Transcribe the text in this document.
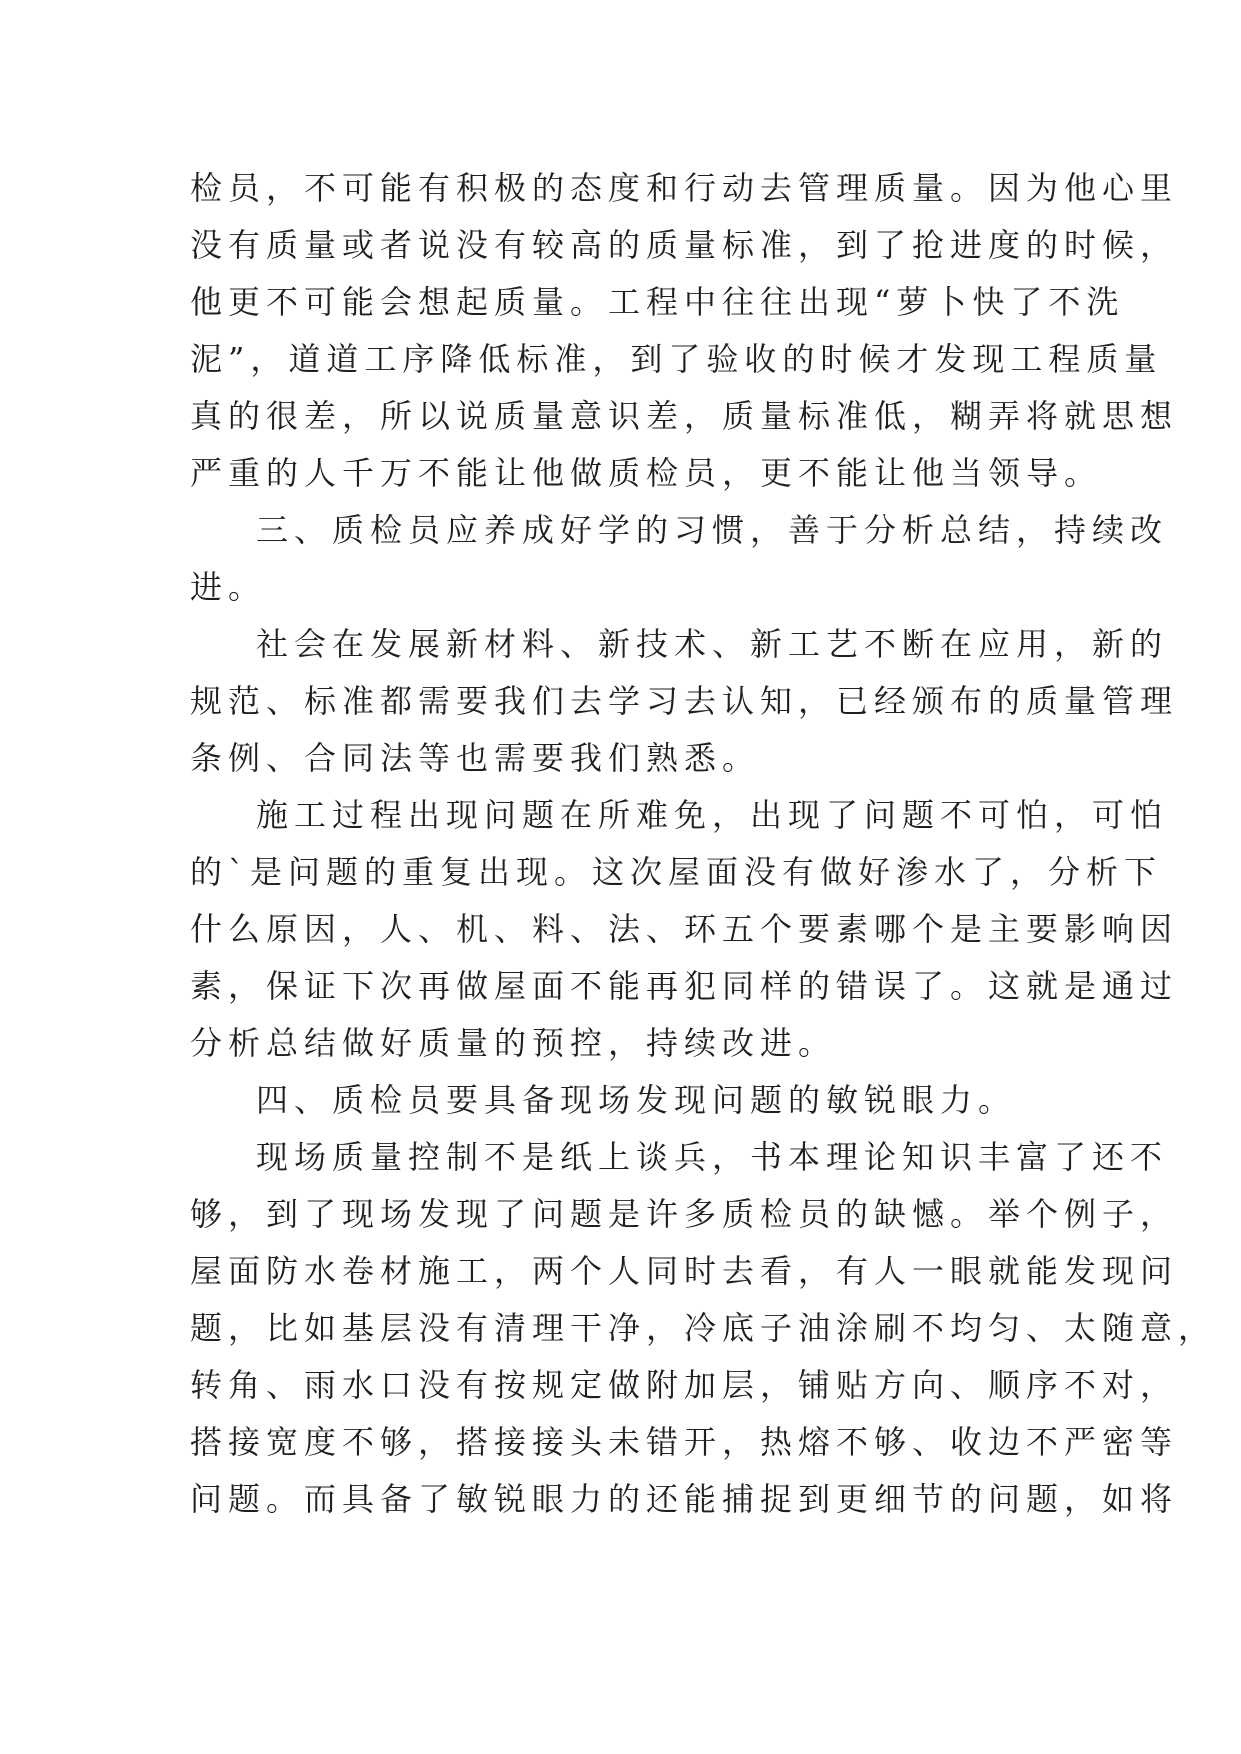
检员，不可能有积极的态度和行动去管理质量。因为他心里
没有质量或者说没有较高的质量标准，到了抢进度的时候，
他更不可能会想起质量。工程中往往出现“萝卜快了不洗
泥”，道道工序降低标准，到了验收的时候才发现工程质量
真的很差，所以说质量意识差，质量标准低，糊弄将就思想
严重的人千万不能让他做质检员，更不能让他当领导。
三、质检员应养成好学的习惯，善于分析总结，持续改
进。
社会在发展新材料、新技术、新工艺不断在应用，新的
规范、标准都需要我们去学习去认知，已经颁布的质量管理
条例、合同法等也需要我们熟悉。
施工过程出现问题在所难免，出现了问题不可怕，可怕
的`是问题的重复出现。这次屋面没有做好渗水了，分析下
什么原因，人、机、料、法、环五个要素哪个是主要影响因
素，保证下次再做屋面不能再犯同样的错误了。这就是通过
分析总结做好质量的预控，持续改进。
四、质检员要具备现场发现问题的敏锐眼力。
现场质量控制不是纸上谈兵，书本理论知识丰富了还不
够，到了现场发现了问题是许多质检员的缺憾。举个例子，
屋面防水卷材施工，两个人同时去看，有人一眼就能发现问
题，比如基层没有清理干净，冷底子油涂刷不均匀、太随意，
转角、雨水口没有按规定做附加层，铺贴方向、顺序不对，
搭接宽度不够，搭接接头未错开，热熔不够、收边不严密等
问题。而具备了敏锐眼力的还能捕捉到更细节的问题，如将
